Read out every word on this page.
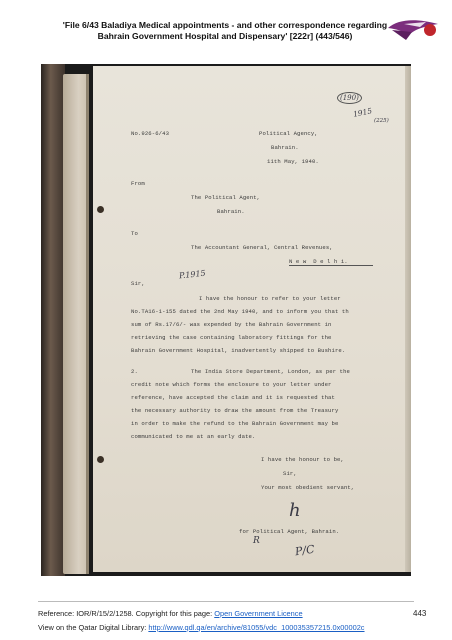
'File 6/43 Baladiya Medical appointments - and other correspondence regarding
Bahrain Government Hospital and Dispensary' [222r] (443/546)
(190)
1915
(225)
No.926-6/43	Political Agency,
Bahrain.
11th May, 1940.
From
The Political Agent,
Bahrain.
To
The Accountant General, Central Revenues,
N e w  D e l h i.
Sir,
P.1915
I have the honour to refer to your letter
No.TA16-1-155 dated the 2nd May 1940, and to inform you that th
sum of Rs.17/6/- was expended by the Bahrain Government in
retrieving the case containing laboratory fittings for the
Bahrain Government Hospital, inadvertently shipped to Bushire.
2.	The India Store Department, London, as per the
credit note which forms the enclosure to your letter under
reference, have accepted the claim and it is requested that
the necessary authority to draw the amount from the Treasury
in order to make the refund to the Bahrain Government may be
communicated to me at an early date.
I have the honour to be,
Sir,
Your most obedient servant,
h
for Political Agent, Bahrain.
R
P/C
Reference: IOR/R/15/2/1258. Copyright for this page: Open Government Licence	443
View on the Qatar Digital Library: http://www.qdl.qa/en/archive/81055/vdc_100035357215.0x00002c
